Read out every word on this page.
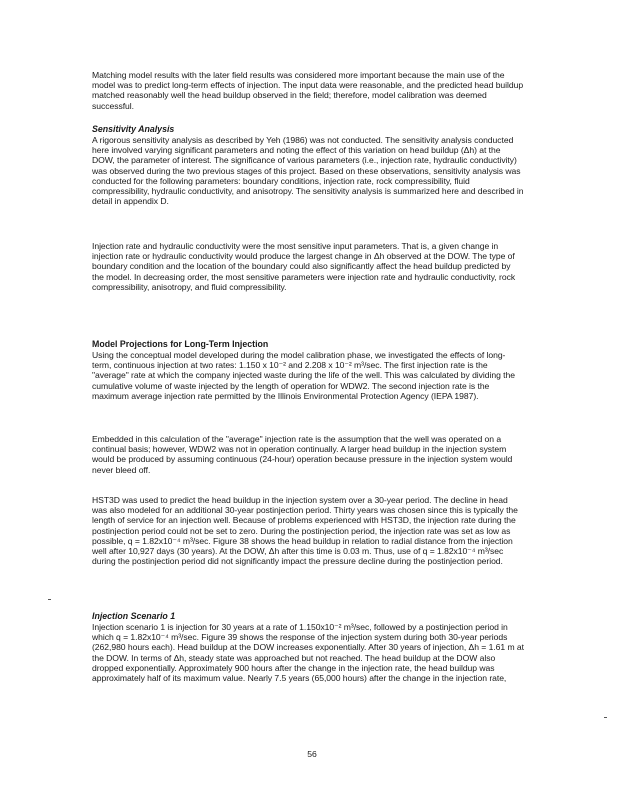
Matching model results with the later field results was considered more important because the main use of the model was to predict long-term effects of injection. The input data were reasonable, and the predicted head buildup matched reasonably well the head buildup observed in the field; therefore, model calibration was deemed successful.
Sensitivity Analysis
A rigorous sensitivity analysis as described by Yeh (1986) was not conducted. The sensitivity analysis conducted here involved varying significant parameters and noting the effect of this variation on head buildup (Δh) at the DOW, the parameter of interest. The significance of various parameters (i.e., injection rate, hydraulic conductivity) was observed during the two previous stages of this project. Based on these observations, sensitivity analysis was conducted for the following parameters: boundary conditions, injection rate, rock compressibility, fluid compressibility, hydraulic conductivity, and anisotropy. The sensitivity analysis is summarized here and described in detail in appendix D.
Injection rate and hydraulic conductivity were the most sensitive input parameters. That is, a given change in injection rate or hydraulic conductivity would produce the largest change in Δh observed at the DOW. The type of boundary condition and the location of the boundary could also significantly affect the head buildup predicted by the model. In decreasing order, the most sensitive parameters were injection rate and hydraulic conductivity, rock compressibility, anisotropy, and fluid compressibility.
Model Projections for Long-Term Injection
Using the conceptual model developed during the model calibration phase, we investigated the effects of long-term, continuous injection at two rates: 1.150 x 10⁻² and 2.208 x 10⁻² m³/sec. The first injection rate is the "average" rate at which the company injected waste during the life of the well. This was calculated by dividing the cumulative volume of waste injected by the length of operation for WDW2. The second injection rate is the maximum average injection rate permitted by the Illinois Environmental Protection Agency (IEPA 1987).
Embedded in this calculation of the "average" injection rate is the assumption that the well was operated on a continual basis; however, WDW2 was not in operation continually. A larger head buildup in the injection system would be produced by assuming continuous (24-hour) operation because pressure in the injection system would never bleed off.
HST3D was used to predict the head buildup in the injection system over a 30-year period. The decline in head was also modeled for an additional 30-year postinjection period. Thirty years was chosen since this is typically the length of service for an injection well. Because of problems experienced with HST3D, the injection rate during the postinjection period could not be set to zero. During the postinjection period, the injection rate was set as low as possible, q = 1.82x10⁻⁴ m³/sec. Figure 38 shows the head buildup in relation to radial distance from the injection well after 10,927 days (30 years). At the DOW, Δh after this time is 0.03 m. Thus, use of q = 1.82x10⁻⁴ m³/sec during the postinjection period did not significantly impact the pressure decline during the postinjection period.
Injection Scenario 1
Injection scenario 1 is injection for 30 years at a rate of 1.150x10⁻² m³/sec, followed by a postinjection period in which q = 1.82x10⁻⁴ m³/sec. Figure 39 shows the response of the injection system during both 30-year periods (262,980 hours each). Head buildup at the DOW increases exponentially. After 30 years of injection, Δh = 1.61 m at the DOW. In terms of Δh, steady state was approached but not reached. The head buildup at the DOW also dropped exponentially. Approximately 900 hours after the change in the injection rate, the head buildup was approximately half of its maximum value. Nearly 7.5 years (65,000 hours) after the change in the injection rate,
56
